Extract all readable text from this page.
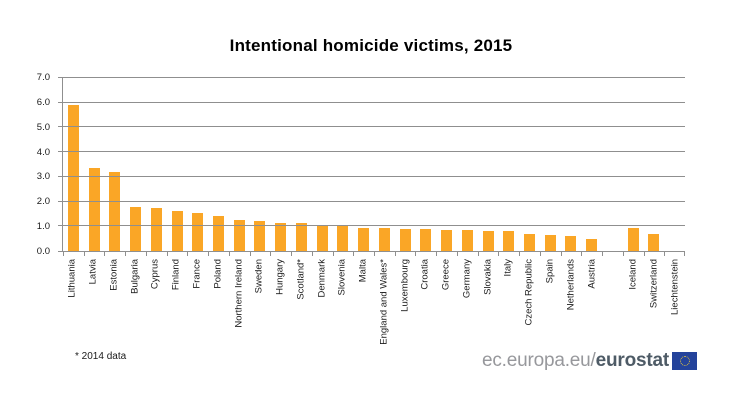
Intentional homicide victims, 2015
0.0
1.0
2.0
3.0
4.0
5.0
6.0
7.0
Lithuania Latvia Estonia Bulgaria Cyprus Finland France Poland Northern Ireland Sweden Hungary Scotland* Denmark Slovenia Malta England and Wales* Luxembourg Croatia Greece Germany Slovakia Italy Czech Republic Spain Netherlands Austria	Iceland Switzerland Liechtenstein
* 2014 data	ec.europa.eu/ eurostat
